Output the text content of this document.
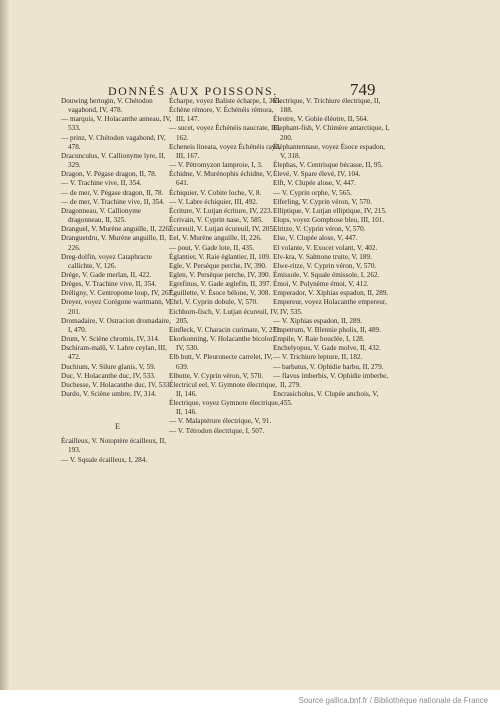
DONNÉS AUX POISSONS.	749
Douwing hertogin, V. Chétodon vagabond, IV, 478.
— marquis, V. Holacanthe anneau, IV, 533.
— prinz, V. Chétodon vagabond, IV, 478.
Dracunculus, V. Callionyme lyre, II, 329.
Dragon, V. Pégase dragon, II, 78.
— V. Trachine vive, II, 354.
— de mer, V. Pégase dragon, II, 78.
— de mer, V. Trachine vive, II, 354.
Dragonneau, V. Callionyme dragonneau, II, 325.
Dranguel, V. Murène anguille, II, 226.
Dranguetdru, V. Murène anguille, II, 226.
Dreg-dolfin, voyez Cataphracte callichte, V, 126.
Drége, V. Gade merlan, II, 422.
Drèges, V. Trachine vive, II, 354.
Dréligny, V. Centropome loup, IV, 267.
Dreyer, voyez Corégone wartmann, V, 201.
Dromadaire, V. Ostracion dromadaire, I, 470.
Drum, V. Sciène chromis, IV, 314.
Dschiram-malû, V. Labre ceylan, III, 472.
Duchium, V. Silure glanis, V, 59.
Duc, V. Holacanthe duc, IV, 533.
Duchesse, V. Holacanthe duc, IV, 533.
Durdo, V. Sciène umbre, IV, 314.
E
Écailleux, V. Notoptère écailleux, II, 193.
— V. Squale écailleux, I, 284.
Écharpe, voyez Baliste écharpe, I, 365.
Échène rémore, V. Échénéis rémora, III, 147.
— sucet, voyez Échénéis naucrate, III, 162.
Echeneis lineata, voyez Échénéis rayé, III, 167.
— V. Pétromyzon lamproie, I, 3.
Échidne, V. Murénophis échidne, V, 641.
Échiquier, V. Cobite loche, V, 8.
— V. Labre échiquier, III, 492.
Écriture, V. Lutjan écriture, IV, 223.
Écrivain, V. Cyprin nase, V, 585.
Écureuil, V. Lutjan écureuil, IV, 205.
Eel, V. Murène anguille, II, 226.
— pout, V. Gade lote, II, 435.
Églantier, V. Raie églantier, II, 109.
Egle, V. Persèque perche, IV, 390.
Eglen, V. Persèque perche, IV, 390.
Egrefinus, V. Gade æglefin, II, 397.
Éguillette, V. Ésoce bélone, V, 308.
Ehrl, V. Cyprin dobule, V, 570.
Eichhorn-fisch, V. Lutjan écureuil, IV, 205.
Einfleck, V. Characin curimate, V, 271.
Ekorkonning, V. Holacanthe bicolor, IV, 530.
Elb butt, V. Pleuronecte carrelet, IV, 639.
Elbutte, V. Cyprin véron, V, 570.
Électricul eel, V. Gymnote électrique, II, 146.
Électrique, voyez Gymnote électrique, II, 146.
— V. Malaptérure électrique, V, 91.
— V. Tétrodon électrique, I, 507.
Électrique, V. Trichiure électrique, II, 188.
Éleotre, V. Gobie éléotre, II, 564.
Elephant-fish, V. Chimère antarctique, I, 200.
Éléphantennase, voyez Ésoce espadon, V, 318.
Élephas, V. Centrisque bécasse, II, 95.
Élevé, V. Spare élevé, IV, 104.
Elft, V. Clupée alose, V, 447.
— V. Cyprin orphe, V, 565.
Elferling, V. Cyprin véron, V, 570.
Elliptique, V. Lutjan elliptique, IV, 215.
Elops, voyez Gomphose bleu, III, 101.
Elritze, V. Cyprin véron, V, 570.
Else, V. Clupée alose, V, 447.
El volante, V. Exocet volant, V, 402.
Elv-kra, V. Salmone truite, V, 189.
Elwe-ritze, V. Cyprin véron, V, 570.
Émissole, V. Squale émissole, I, 262.
Émoi, V. Polynème émoi, V, 412.
Emperador, V. Xiphias espadon, II, 289.
Empereur, voyez Holacanthe empereur, IV, 535.
— V. Xiphias espadon, II, 289.
Empetrum, V. Blennie pholis, II, 489.
Empile, V. Raie bouclée, I, 128.
Enchelyopus, V. Gade molve, II, 432.
— V. Trichiure lepture, II, 182.
— barbatus, V. Ophidie barbu, II, 279.
— flavus imberbis, V. Ophidie imberbe, II, 279.
Encrasicholus, V. Clupée anchois, V, 455.
Source gallica.bnf.fr / Bibliothèque nationale de France
